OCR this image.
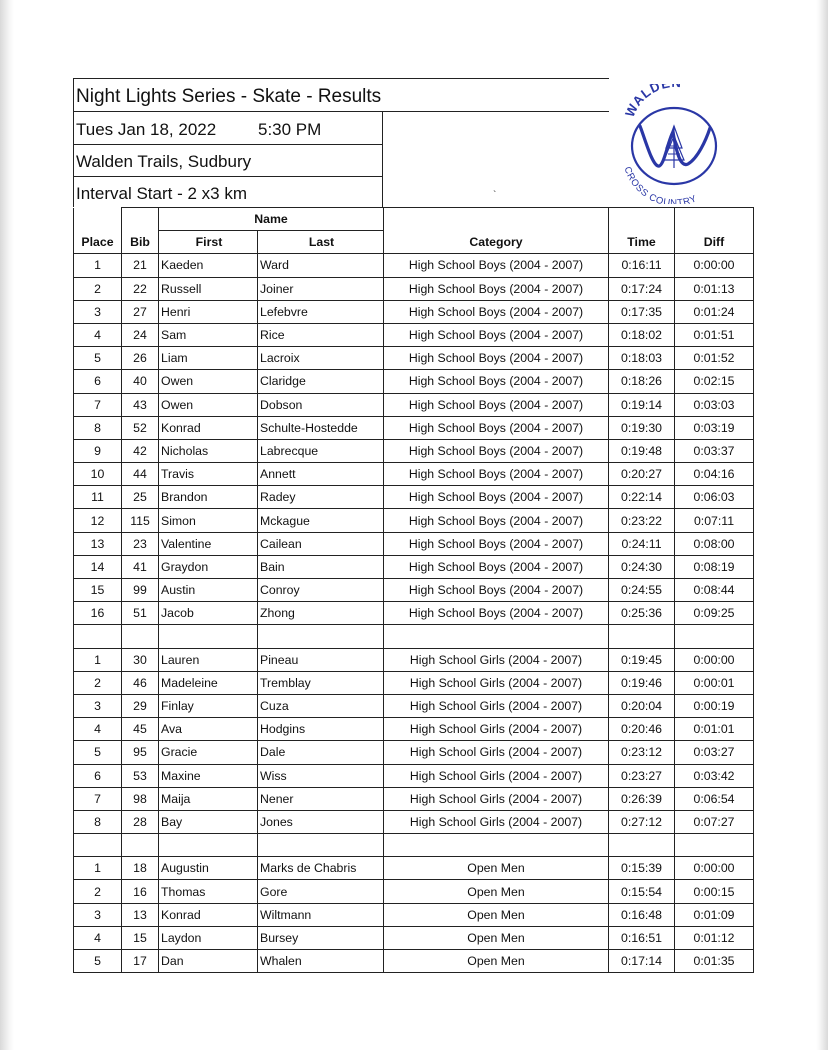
Night Lights Series - Skate - Results
Tues Jan 18, 2022 5:30 PM
Walden Trails, Sudbury
Interval Start - 2 x3 km
WALD
CROSS COUNTRY
`
		Name				
Place	Bib	First	Last	Category	Time	Diff
1	21	Kaeden	Ward	High School Boys (2004 - 2007)	0:16:11	0:00:00
2	22	Russell	Joiner	High School Boys (2004 - 2007)	0:17:24	0:01:13
3	27	Henri	Lefebvre	High School Boys (2004 - 2007)	0:17:35	0:01:24
4	24	Sam	Rice	High School Boys (2004 - 2007)	0:18:02	0:01:51
5	26	Liam	Lacroix	High School Boys (2004 - 2007)	0:18:03	0:01:52
6	40	Owen	Claridge	High School Boys (2004 - 2007)	0:18:26	0:02:15
7	43	Owen	Dobson	High School Boys (2004 - 2007)	0:19:14	0:03:03
8	52	Konrad	Schulte-Hostedde	High School Boys (2004 - 2007)	0:19:30	0:03:19
9	42	Nicholas	Labrecque	High School Boys (2004 - 2007)	0:19:48	0:03:37
10	44	Travis	Annett	High School Boys (2004 - 2007)	0:20:27	0:04:16
11	25	Brandon	Radey	High School Boys (2004 - 2007)	0:22:14	0:06:03
12	115	Simon	Mckague	High School Boys (2004 - 2007)	0:23:22	0:07:11
13	23	Valentine	Cailean	High School Boys (2004 - 2007)	0:24:11	0:08:00
14	41	Graydon	Bain	High School Boys (2004 - 2007)	0:24:30	0:08:19
15	99	Austin	Conroy	High School Boys (2004 - 2007)	0:24:55	0:08:44
16	51	Jacob	Zhong	High School Boys (2004 - 2007)	0:25:36	0:09:25

1	30	Lauren	Pineau	High School Girls (2004 - 2007)	0:19:45	0:00:00
2	46	Madeleine	Tremblay	High School Girls (2004 - 2007)	0:19:46	0:00:01
3	29	Finlay	Cuza	High School Girls (2004 - 2007)	0:20:04	0:00:19
4	45	Ava	Hodgins	High School Girls (2004 - 2007)	0:20:46	0:01:01
5	95	Gracie	Dale	High School Girls (2004 - 2007)	0:23:12	0:03:27
6	53	Maxine	Wiss	High School Girls (2004 - 2007)	0:23:27	0:03:42
7	98	Maija	Nener	High School Girls (2004 - 2007)	0:26:39	0:06:54
8	28	Bay	Jones	High School Girls (2004 - 2007)	0:27:12	0:07:27

1	18	Augustin	Marks de Chabris	Open Men	0:15:39	0:00:00
2	16	Thomas	Gore	Open Men	0:15:54	0:00:15
3	13	Konrad	Wiltmann	Open Men	0:16:48	0:01:09
4	15	Laydon	Bursey	Open Men	0:16:51	0:01:12
5	17	Dan	Whalen	Open Men	0:17:14	0:01:35
